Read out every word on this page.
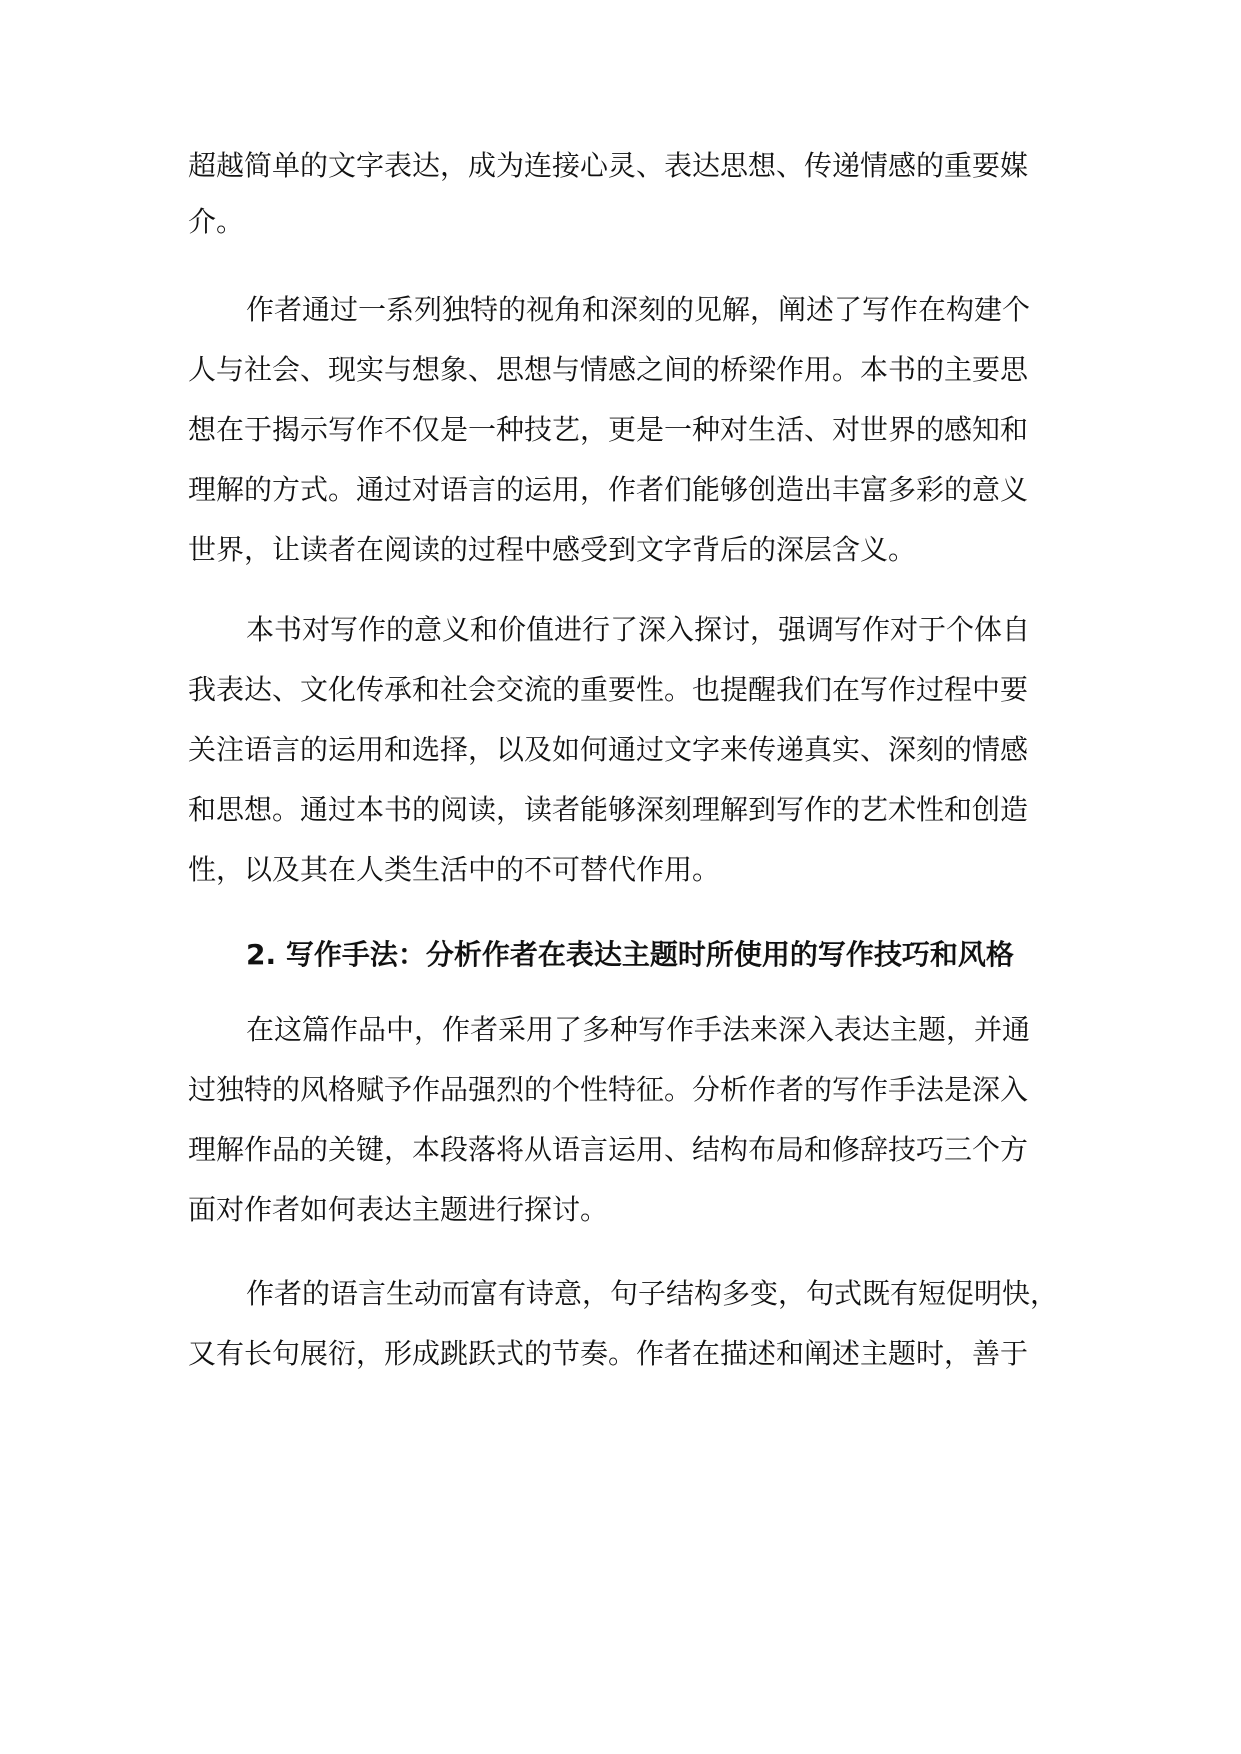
超越简单的文字表达，成为连接心灵、表达思想、传递情感的重要媒
介。
作者通过一系列独特的视角和深刻的见解，阐述了写作在构建个
人与社会、现实与想象、思想与情感之间的桥梁作用。本书的主要思
想在于揭示写作不仅是一种技艺，更是一种对生活、对世界的感知和
理解的方式。通过对语言的运用，作者们能够创造出丰富多彩的意义
世界，让读者在阅读的过程中感受到文字背后的深层含义。
本书对写作的意义和价值进行了深入探讨，强调写作对于个体自
我表达、文化传承和社会交流的重要性。也提醒我们在写作过程中要
关注语言的运用和选择，以及如何通过文字来传递真实、深刻的情感
和思想。通过本书的阅读，读者能够深刻理解到写作的艺术性和创造
性，以及其在人类生活中的不可替代作用。
2. 写作手法：分析作者在表达主题时所使用的写作技巧和风格
在这篇作品中，作者采用了多种写作手法来深入表达主题，并通
过独特的风格赋予作品强烈的个性特征。分析作者的写作手法是深入
理解作品的关键，本段落将从语言运用、结构布局和修辞技巧三个方
面对作者如何表达主题进行探讨。
作者的语言生动而富有诗意，句子结构多变，句式既有短促明快，
又有长句展衍，形成跳跃式的节奏。作者在描述和阐述主题时，善于
